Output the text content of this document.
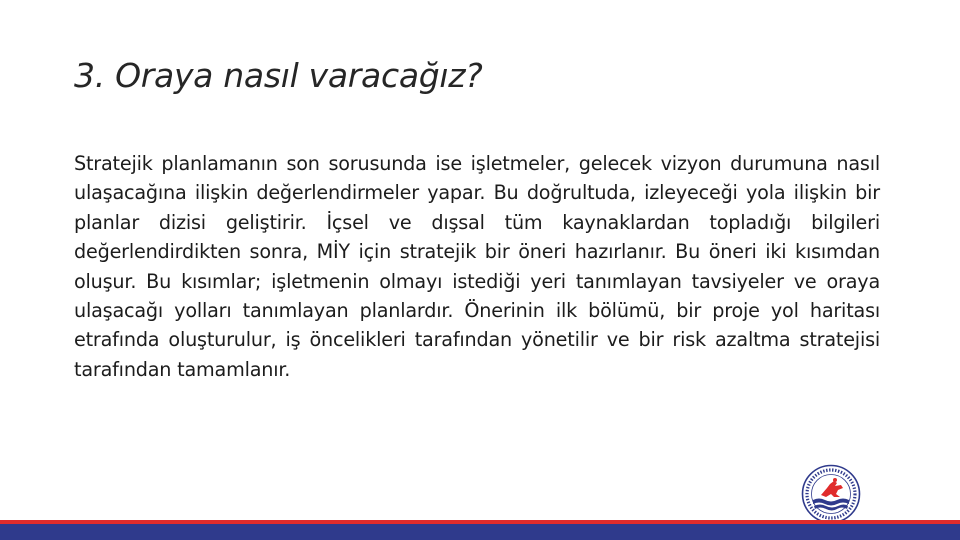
3. Oraya nasıl varacağız?

Stratejik planlamanın son sorusunda ise işletmeler, gelecek vizyon durumuna nasıl ulaşacağına ilişkin değerlendirmeler yapar. Bu doğrultuda, izleyeceği yola ilişkin bir planlar dizisi geliştirir. İçsel ve dışsal tüm kaynaklardan topladığı bilgileri değerlendirdikten sonra, MİY için stratejik bir öneri hazırlanır. Bu öneri iki kısımdan oluşur. Bu kısımlar; işletmenin olmayı istediği yeri tanımlayan tavsiyeler ve oraya ulaşacağı yolları tanımlayan planlardır. Önerinin ilk bölümü, bir proje yol haritası etrafında oluşturulur, iş öncelikleri tarafından yönetilir ve bir risk azaltma stratejisi tarafından tamamlanır.
